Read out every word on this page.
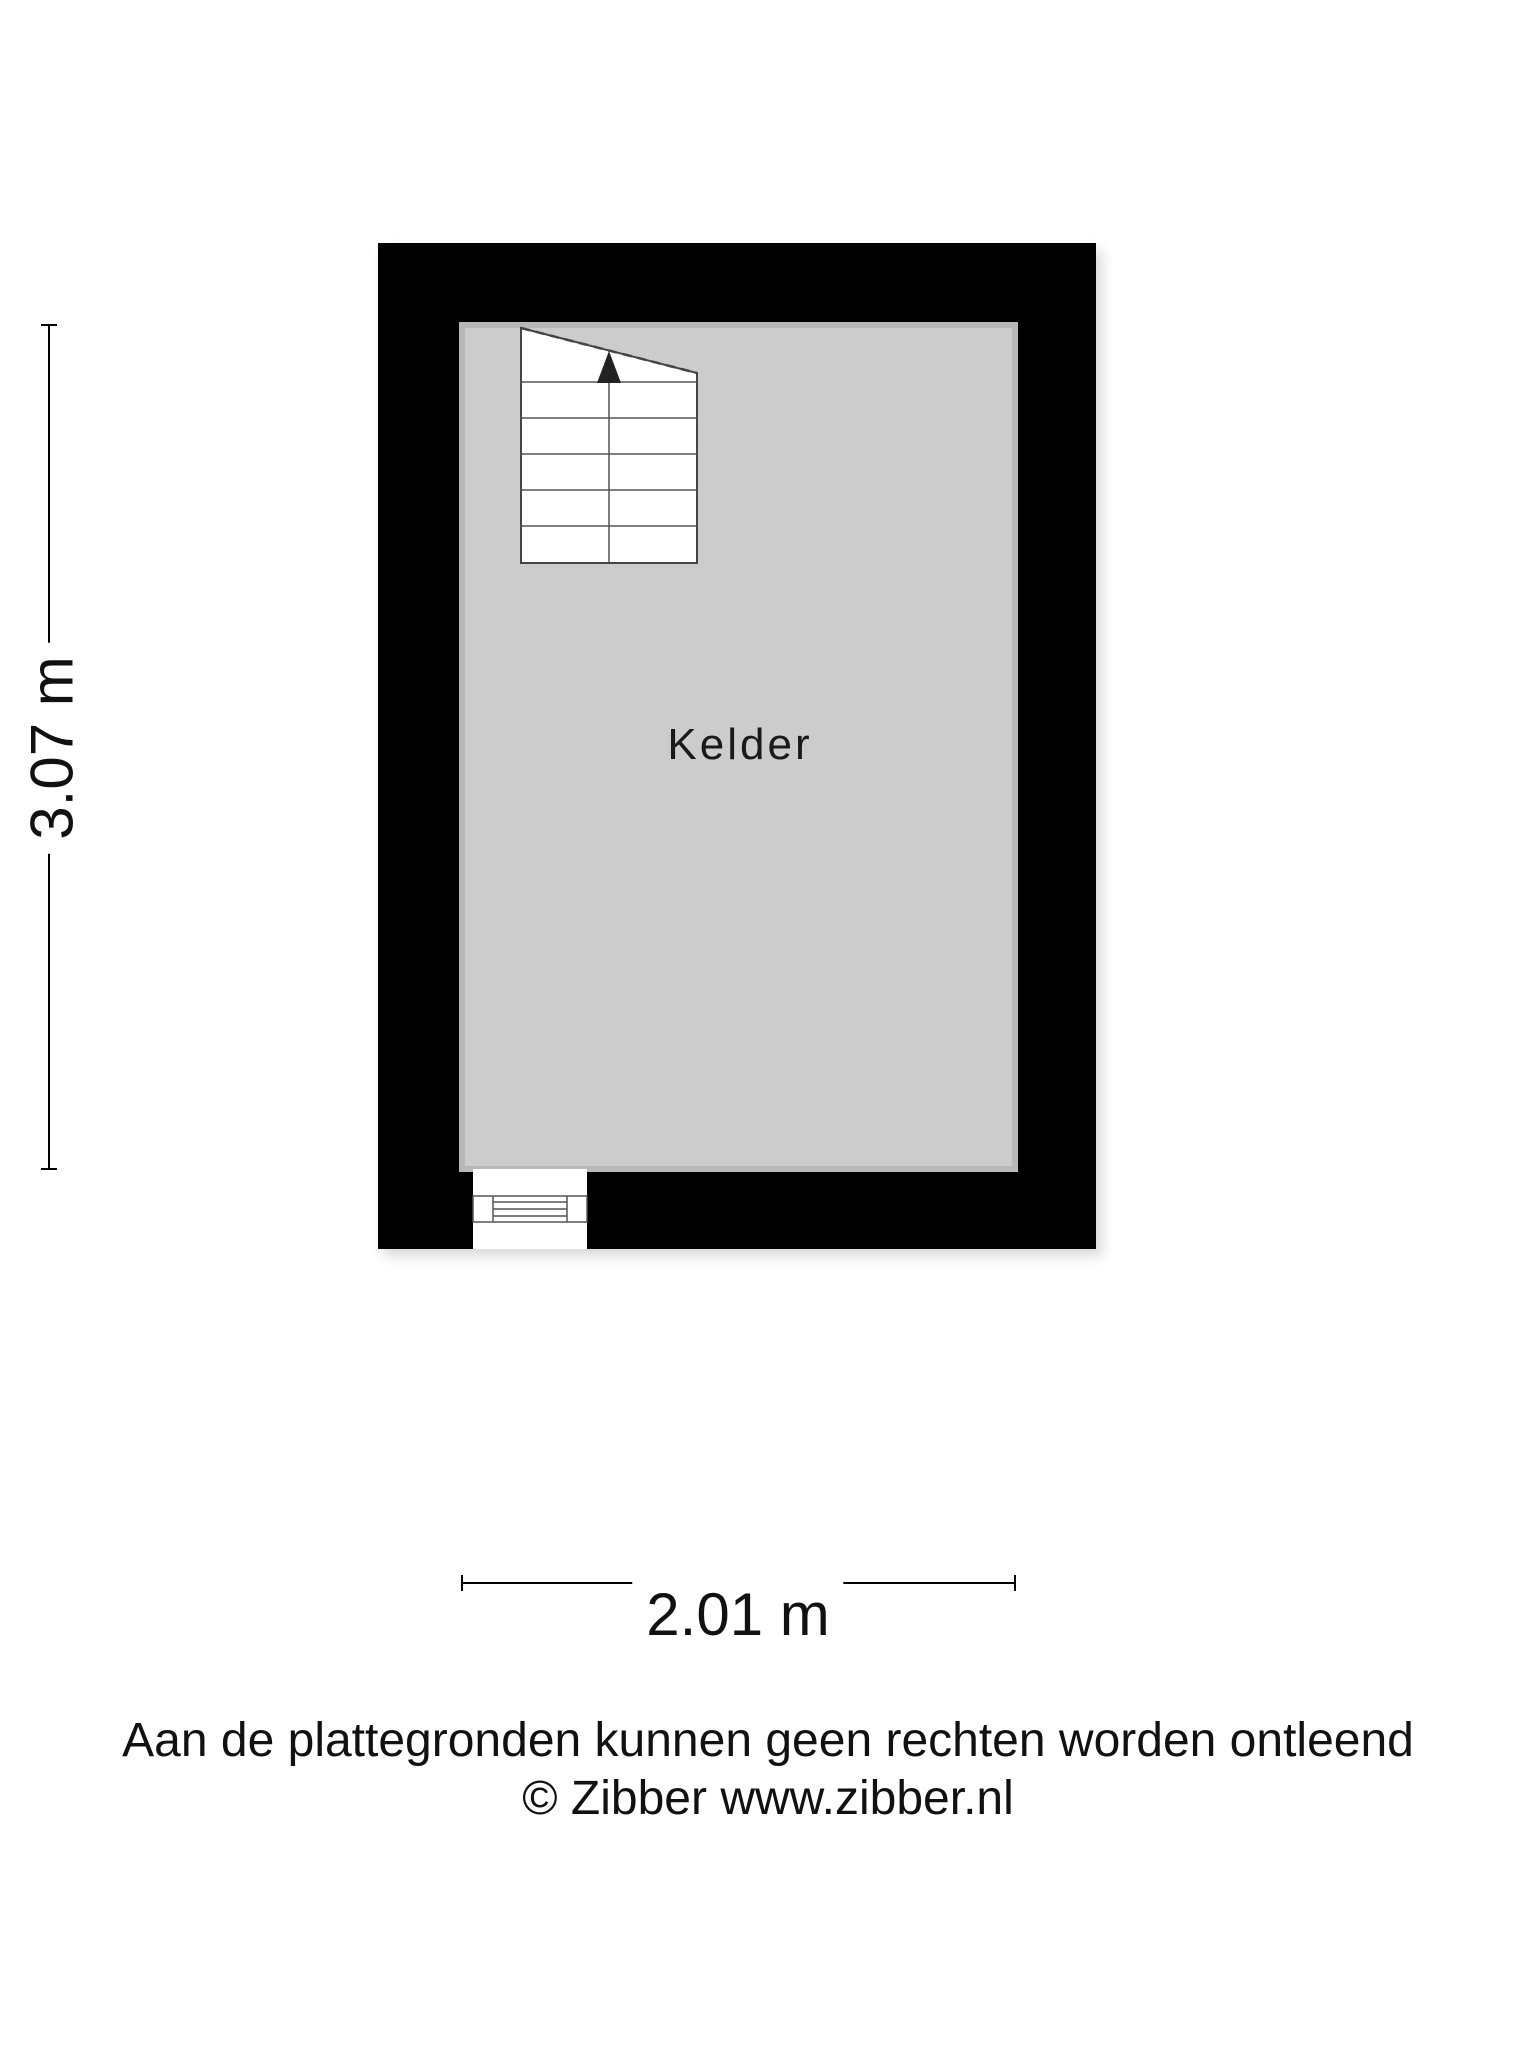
Kelder
3.07 m
2.01 m
Aan de plattegronden kunnen geen rechten worden ontleend
© Zibber www.zibber.nl
